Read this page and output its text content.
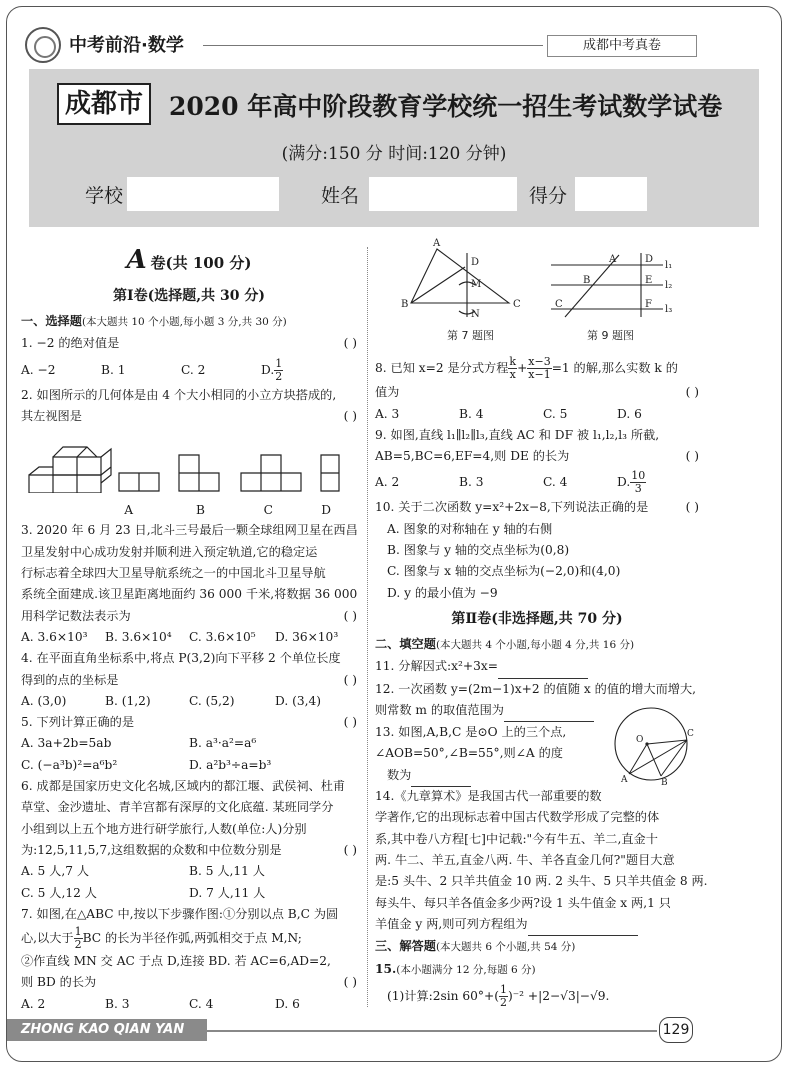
中考前沿·数学	成都中考真卷
成都市	2020 年高中阶段教育学校统一招生考试数学试卷
(满分:150 分 时间:120 分钟)
学校	姓名	得分

A 卷(共 100 分)

第Ⅰ卷(选择题,共 30 分)

一、选择题(本大题共 10 个小题,每小题 3 分,共 30 分)

1. −2 的绝对值是	( )

A. −2	B. 1	C. 2	D. $\frac{1}{2}$

2. 如图所示的几何体是由 4 个大小相同的小立方块搭成的,

其左视图是	( )

A	B	C	D

3. 2020 年 6 月 23 日,北斗三号最后一颗全球组网卫星在西昌

卫星发射中心成功发射并顺利进入预定轨道,它的稳定运

行标志着全球四大卫星导航系统之一的中国北斗卫星导航

系统全面建成.该卫星距离地面约 36 000 千米,将数据 36 000

用科学记数法表示为	( )

A. 3.6×10³	B. 3.6×10⁴	C. 3.6×10⁵	D. 36×10³

4. 在平面直角坐标系中,将点 P(3,2)向下平移 2 个单位长度

得到的点的坐标是	( )

A. (3,0)	B. (1,2)	C. (5,2)	D. (3,4)

5. 下列计算正确的是	( )

A. 3a+2b=5ab	B. a³·a²=a⁶

C. (−a³b)²=a⁶b²	D. a²b³÷a=b³

6. 成都是国家历史文化名城,区域内的都江堰、武侯祠、杜甫

草堂、金沙遗址、青羊宫都有深厚的文化底蕴. 某班同学分

小组到以上五个地方进行研学旅行,人数(单位:人)分别

为:12,5,11,5,7,这组数据的众数和中位数分别是	( )

A. 5 人,7 人	B. 5 人,11 人

C. 5 人,12 人	D. 7 人,11 人

7. 如图,在△ABC 中,按以下步骤作图:①分别以点 B,C 为圆

心,以大于 $\frac{1}{2}$ BC 的长为半径作弧,两弧相交于点 M,N;

②作直线 MN 交 AC 于点 D,连接 BD. 若 AC=6,AD=2,

则 BD 的长为	( )

A. 2	B. 3	C. 4	D. 6

A
D
M
B
N
C
第 7 题图
A	D
l₁
B	E l₂
C	F l₃
第 9 题图

8. 已知 x=2 是分式方程 $\frac{k}{x} + \frac{x-3}{x-1} =1$ 的解,那么实数 k 的

值为	( )

A. 3	B. 4	C. 5	D. 6

9. 如图,直线 l₁∥l₂∥l₃,直线 AC 和 DF 被 l₁,l₂,l₃ 所截,

AB=5,BC=6,EF=4,则 DE 的长为	( )

A. 2	B. 3	C. 4	D. $\frac{10}{3}$

10. 关于二次函数 y=x²+2x−8,下列说法正确的是	( )

A. 图象的对称轴在 y 轴的右侧

B. 图象与 y 轴的交点坐标为(0,8)

C. 图象与 x 轴的交点坐标为(−2,0)和(4,0)

D. y 的最小值为 −9

第Ⅱ卷(非选择题,共 70 分)

二、填空题(本大题共 4 个小题,每小题 4 分,共 16 分)

11. 分解因式:x²+3x=

12. 一次函数 y=(2m−1)x+2 的值随 x 的值的增大而增大,

则常数 m 的取值范围为

13. 如图,A,B,C 是⊙O 上的三个点,

∠AOB=50°,∠B=55°,则∠A 的度

数为

O
C
A	B

14.《九章算术》是我国古代一部重要的数

学著作,它的出现标志着中国古代数学形成了完整的体

系,其中卷八方程[七]中记载:"今有牛五、羊二,直金十

两. 牛二、羊五,直金八两. 牛、羊各直金几何?"题目大意

是:5 头牛、2 只羊共值金 10 两. 2 头牛、5 只羊共值金 8 两.

每头牛、每只羊各值金多少两?设 1 头牛值金 x 两,1 只

羊值金 y 两,则可列方程组为

三、解答题(本大题共 6 个小题,共 54 分)

15.(本小题满分 12 分,每题 6 分)

(1)计算:2sin $60^\circ+( \frac{1}{2} )^{-2} +|2-√3|-√9$.

ZHONG KAO QIAN YAN	129
